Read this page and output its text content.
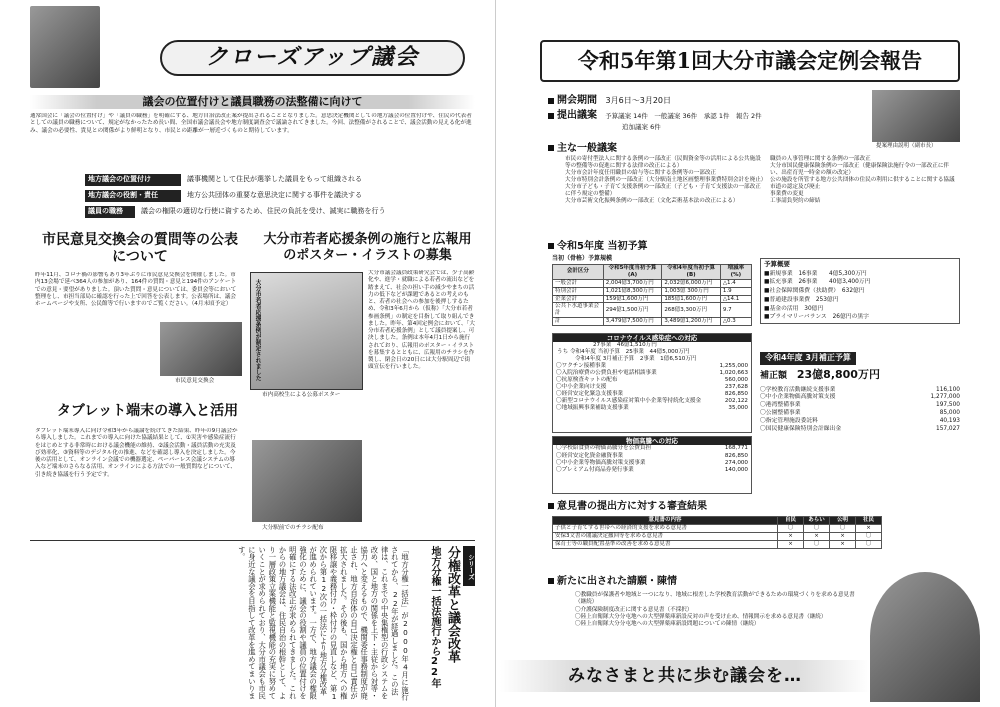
クローズアップ議会
議会の位置付けと議員職務の法整備に向けて
通常国会に「議会の位置付け」や「議員の職務」を明確にする、地方自治法改正案が提出されることとなりました。意思決定機関としての地方議会の位置付けや、住民の代表者としての議員の職務について、規定がなかったため長い間、全国市議会議長会や地方制度調査会で議論されてきました。今回、法整備がされることで、議会活動の見える化が進み、議会の必要性、貴見との関係がより鮮明となり、市民との距離が一層近づくものと期待しています。
地方議会の位置付け	議事機関として住民が選挙した議員をもって組織される
地方議会の役割・責任	地方公共団体の重要な意思決定に関する事件を議決する
議員の職務	議会の権限の適切な行使に資するため、住民の負託を受け、誠実に職務を行う
市民意見交換会の質問等の公表について
昨年11月、コロナ禍の影響もあり3年ぶりに市民意見交換会を開催しました。市内13会場で延べ364人の参加があり、164件の質問・意見と194件のアンケートでの意見・要望がありました。頂いた質問・意見については、委員会等において整理をし、市担当部局に確認を行った上で回答を公表します。公表場所は、議会ホームページや支所、公民館等で行いますのでご覧ください。（4月末頃予定）
市民意見交換会
タブレット端末の導入と活用
タブレット端末導入に向け令和3年から議論を続けてきた結果、昨年の9月議会から導入しました。これまでの導入に向けた協議結果として、①災害や感染症流行をはじめとする非常時における議会機能の維持、②議会活動・議員活動の充実及び効率化、③資料等のデジタル化の推進、などを確認し導入を決定しました。今後の活用として、オンライン会議での機器選定、ペーパーレス会議システムの導入など端末のさらなる活用、オンラインによる方法での一般質問などについて、引き続き協議を行う予定です。
大分市若者応援条例の施行と広報用のポスター・イラストの募集
大分市議会議員政策研究会では、少子高齢化や、進学・就職による若者の流出などを踏まえて、社会の担い手の減少やまちの活力の低下などが課題であるとの考えのもと、若者の社会への参加を後押しするため、令和3年6月から（仮称）「大分市若者参画条例」の制定を目指して取り組んできました。昨年、第4回定例会において、「大分市若者応援条例」として議員提案し、可決しました。条例は本年4月1日から施行されており、広報用のポスター・イラストを募集するとともに、広報用のチラシを作製し、閉会日の20日には大分駅周辺で街頭宣伝を行いました。
大分市若者応援条例が制定されました
市内高校生による公募ポスター
大分駅前でのチラシ配布
「地方分権一括法」が2000年4月に施行されてから、22年が経過しました。この法律は、これまでの中央集権型の行政システムを改め、国と地方の関係を上下・主従から対等・協力へと変えるもので、機関委任事務制度が廃止され、地方自治体の自己決定権と自己責任が拡大されました。その後も、国から地方への権限移譲や義務付け・枠付けの見直しなど、第1次から第12次の一括法により地方分権改革が進められています。一方で、地方議会の権限強化のために、議会の役割や議員の位置付けを明確にする法改正が求められてきました。これからの地方議会は、住民自治の根幹として、より一層政策立案機能と監視機能の充実に努めていくことが求められており、大分市議会も市民に身近な議会を目指して改革を進めてまいります。
シリーズ
分権改革と議会改革
地方分権一括法施行から22年
令和5年第1回大分市議会定例会報告
開会期間 3月6日～3月20日
提出議案 予算議案 14件　一般議案 36件　承認 1件　報告 2件
追加議案 6件
提案理由説明（副市長）
主な一般議案
市民の寄付型法人に関する条例の一部改正（民間資金等の活用による公共施設等の整備等の促進に関する法律の改正による）
大分市会計年度任用職員の給与等に関する条例等の一部改正
大分市特別会計条例の一部改正（大分駅南土地区画整理事業費特別会計を廃止）
大分市子ども・子育て支援条例の一部改正（子ども・子育て支援法の一部改正に伴う規定の整備）
大分市芸術文化振興条例の一部改正（文化芸術基本法の改正による）
職員の人事管理に関する条例の一部改正
大分市国民健康保険条例の一部改正（健康保険法施行令の一部改正に伴い、出産育児一時金の額の改定）
公の施設を所管する地方公共団体の住民の利用に供することに関する協議
市道の認定及び廃止
事業費の変更
工事請負契約の締結
令和5年度 当初予算
当初（骨格）予算規模
会計区分	令和5年度当初予算(A)	令和4年度当初予算(B)	増減率(%)
一般会計	2,004億3,700万円	2,032億6,000万円	△1.4
特別会計	1,021億8,300万円	1,003億 300万円	1.9
企業会計	159億1,600万円	185億1,600万円	△14.1
公共下水道事業会計	294億1,500万円	268億3,300万円	9.7
計	3,479億7,500万円	3,489億1,200万円	△0.3
予算概要
■新規事業　16事業　　4億5,300万円
■拡充事業　26事業　　40億3,400万円
■社会保障関係費（扶助費）　632億円
■普通建設事業費　253億円
■基金の活用　30億円
■プライマリーバランス　26億円の黒字
コロナウイルス感染症への対応
27事業　46億1,510万円
うち 令和4年度 当初予算　25事業　44億5,000万円
令和4年度 3月補正予算　2事業　1億6,510万円
〇ワクチン接種事業	1,255,000
〇入院治療費の公費負担や電話相談事業	1,020,663
〇抗原検査キットの配布	560,000
〇中小企業向け支援	237,628
〇経営安定化緊急支援事業	826,850
〇新型コロナウイルス感染症対策中小企業等持続化支援金	202,122
〇地域振興事業補助支援事業	35,000
物価高騰への対応
〇学校給食費の物価高騰分を公費負担	168,771
〇経営安定化資金融資事業	826,850
〇中小企業等物価高騰対策支援事業	274,000
〇プレミアム付商品券発行事業	140,000
令和4年度 3月補正予算
補正額 23億8,800万円
〇学校教育活動継続支援事業	116,100
〇中小企業物価高騰対策支援	1,277,000
〇港湾整備事業	197,500
〇公園整備事業	85,000
〇指定管理施設委託料	40,193
〇国民健康保険特別会計繰出金	157,027
意見書の提出方に対する審査結果
意見書の内容	自民	あらい	公明	社民
子供と子育てする世帯への経済的支援を求める意見書	〇	〇	〇	×
安保3文書の閣議決定撤回等を求める意見書	×	×	×	〇
保育士等の職員配置基準の改善を求める意見書	×	〇	×	〇
新たに出された請願・陳情
〇教職員が保護者や地域と一つになり、地域に根差した学校教育活動ができるための環境づくりを求める意見書（継続）
〇介護保険制度改正に関する意見書（不採択）
〇陸上自衛隊大分分屯地への大型弾薬庫新設反対の声を受け止め、情報開示を求める意見書（継続）
〇陸上自衛隊大分分屯地への大型弾薬庫新設問題についての陳情（継続）
みなさまと共に歩む議会を…
